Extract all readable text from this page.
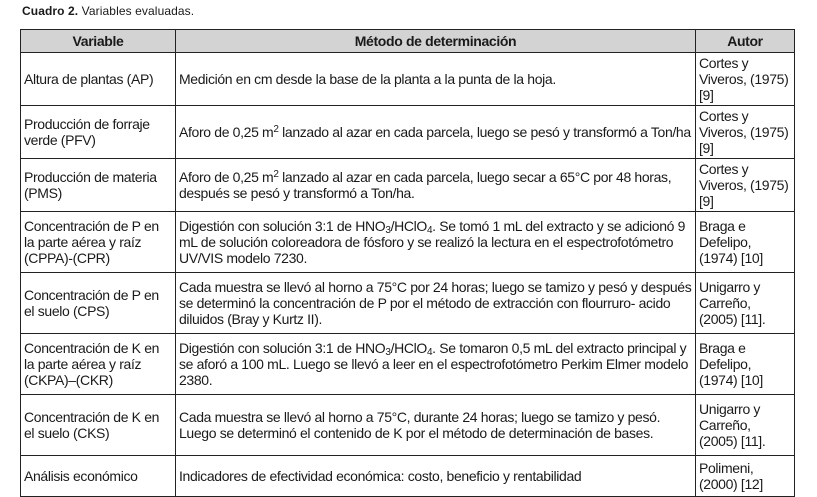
Cuadro 2. Variables evaluadas.
Variable	Método de determinación	Autor
Altura de plantas (AP)	Medición en cm desde la base de la planta a la punta de la hoja.	Cortes y Viveros, (1975) [9]
Producción de forraje verde (PFV)	Aforo de 0,25 $m^2$ lanzado al azar en cada parcela, luego se pesó y transformó a Ton/ha	Cortes y Viveros, (1975) [9]
Producción de materia (PMS)	Aforo de 0,25 $m^2$ lanzado al azar en cada parcela, luego secar a 65°C por 48 horas, después se pesó y transformó a Ton/ha.	Cortes y Viveros, (1975) [9]
Concentración de P en la parte aérea y raíz (CPPA)-(CPR)	Digestión con solución 3:1 de $HNO_3/HClO_4$. Se tomó 1 mL del extracto y se adicionó 9 mL de solución coloreadora de fósforo y se realizó la lectura en el espectrofotómetro UV/VIS modelo 7230.	Braga e Defelipo, (1974) [10]
Concentración de P en el suelo (CPS)	Cada muestra se llevó al horno a 75°C por 24 horas; luego se tamizo y pesó y después se determinó la concentración de P por el método de extracción con flourruro- acido diluidos (Bray y Kurtz II).	Unigarro y Carreño, (2005) [11].
Concentración de K en la parte aérea y raíz (CKPA)–(CKR)	Digestión con solución 3:1 de $HNO_3/HClO_4$. Se tomaron 0,5 mL del extracto principal y se aforó a 100 mL. Luego se llevó a leer en el espectrofotómetro Perkim Elmer modelo 2380.	Braga e Defelipo, (1974) [10]
Concentración de K en el suelo (CKS)	Cada muestra se llevó al horno a 75°C, durante 24 horas; luego se tamizo y pesó. Luego se determinó el contenido de K por el método de determinación de bases.	Unigarro y Carreño, (2005) [11].
Análisis económico	Indicadores de efectividad económica: costo, beneficio y rentabilidad	Polimeni, (2000) [12]
